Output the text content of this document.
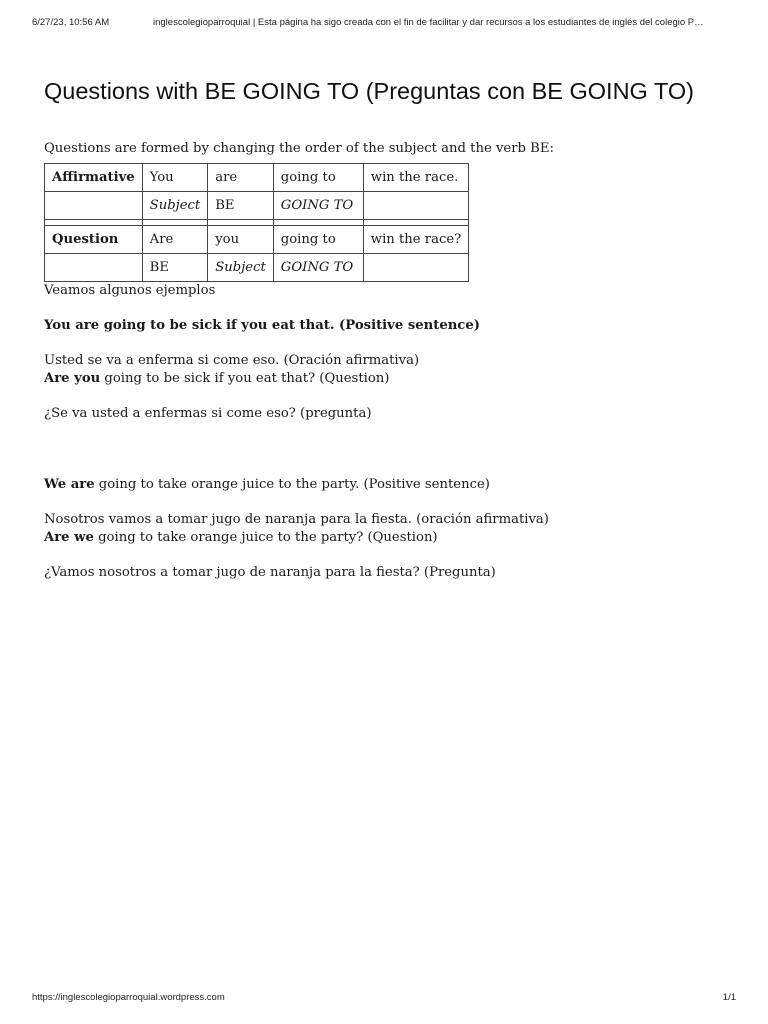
6/27/23, 10:56 AM	inglescolegioparroquial | Esta página ha sigo creada con el fin de facilitar y dar recursos a los estudiantes de inglés del colegio P…
Questions with BE GOING TO (Preguntas con BE GOING TO)

Questions are formed by changing the order of the subject and the verb BE:

Affirmative	You	are	going to	win the race.
	Subject	BE	GOING TO	

Question	Are	you	going to	win the race?
	BE	Subject	GOING TO	

Veamos algunos ejemplos

You are going to be sick if you eat that. (Positive sentence)

Usted se va a enferma si come eso. (Oración afirmativa)

Are you going to be sick if you eat that? (Question)

¿Se va usted a enfermas si come eso? (pregunta)

We are going to take orange juice to the party. (Positive sentence)

Nosotros vamos a tomar jugo de naranja para la fiesta. (oración afirmativa)

Are we going to take orange juice to the party? (Question)

¿Vamos nosotros a tomar jugo de naranja para la fiesta? (Pregunta)

https://inglescolegioparroquial.wordpress.com	1/1
